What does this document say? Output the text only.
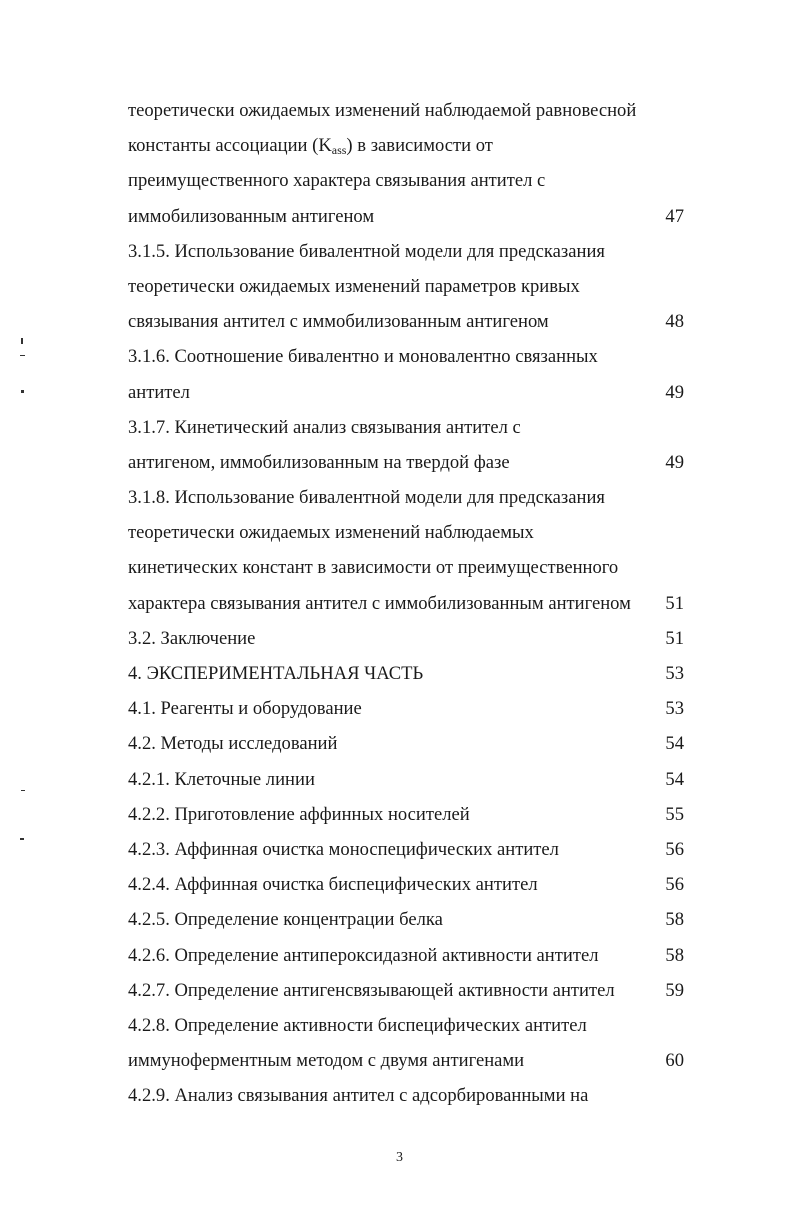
теоретически ожидаемых изменений наблюдаемой равновесной
константы ассоциации $(K_{ass})$ в зависимости от
преимущественного характера связывания антител с
иммобилизованным антигеном	47
3.1.5. Использование бивалентной модели для предсказания
теоретически ожидаемых изменений параметров кривых
связывания антител с иммобилизованным антигеном	48
3.1.6. Соотношение бивалентно и моновалентно связанных
антител	49
3.1.7. Кинетический анализ связывания антител с
антигеном, иммобилизованным на твердой фазе	49
3.1.8. Использование бивалентной модели для предсказания
теоретически ожидаемых изменений наблюдаемых
кинетических констант в зависимости от преимущественного
характера связывания антител с иммобилизованным антигеном 51
3.2. Заключение	51
4. ЭКСПЕРИМЕНТАЛЬНАЯ ЧАСТЬ	53
4.1. Реагенты и оборудование	53
4.2. Методы исследований	54
4.2.1. Клеточные линии	54
4.2.2. Приготовление аффинных носителей	55
4.2.3. Аффинная очистка моноспецифических антител	56
4.2.4. Аффинная очистка биспецифических антител	56
4.2.5. Определение концентрации белка	58
4.2.6. Определение антипероксидазной активности антител	58
4.2.7. Определение антигенсвязывающей активности антител	59
4.2.8. Определение активности биспецифических антител
иммуноферментным методом с двумя антигенами	60
4.2.9. Анализ связывания антител с адсорбированными на
3
